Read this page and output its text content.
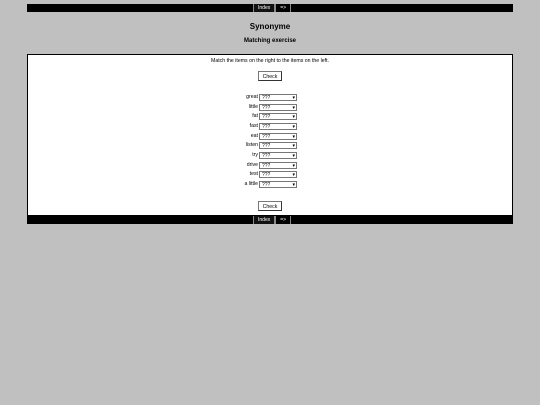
Index	=>
Synonyme
Matching exercise
Match the items on the right to the items on the left.
Check
great ???	▾
little ???	▾
fat ???	▾
fast ???	▾
eat ???	▾
listen ???	▾
try ???	▾
drive ???	▾
test ???	▾
a little ???	▾
Check
Index	=>
